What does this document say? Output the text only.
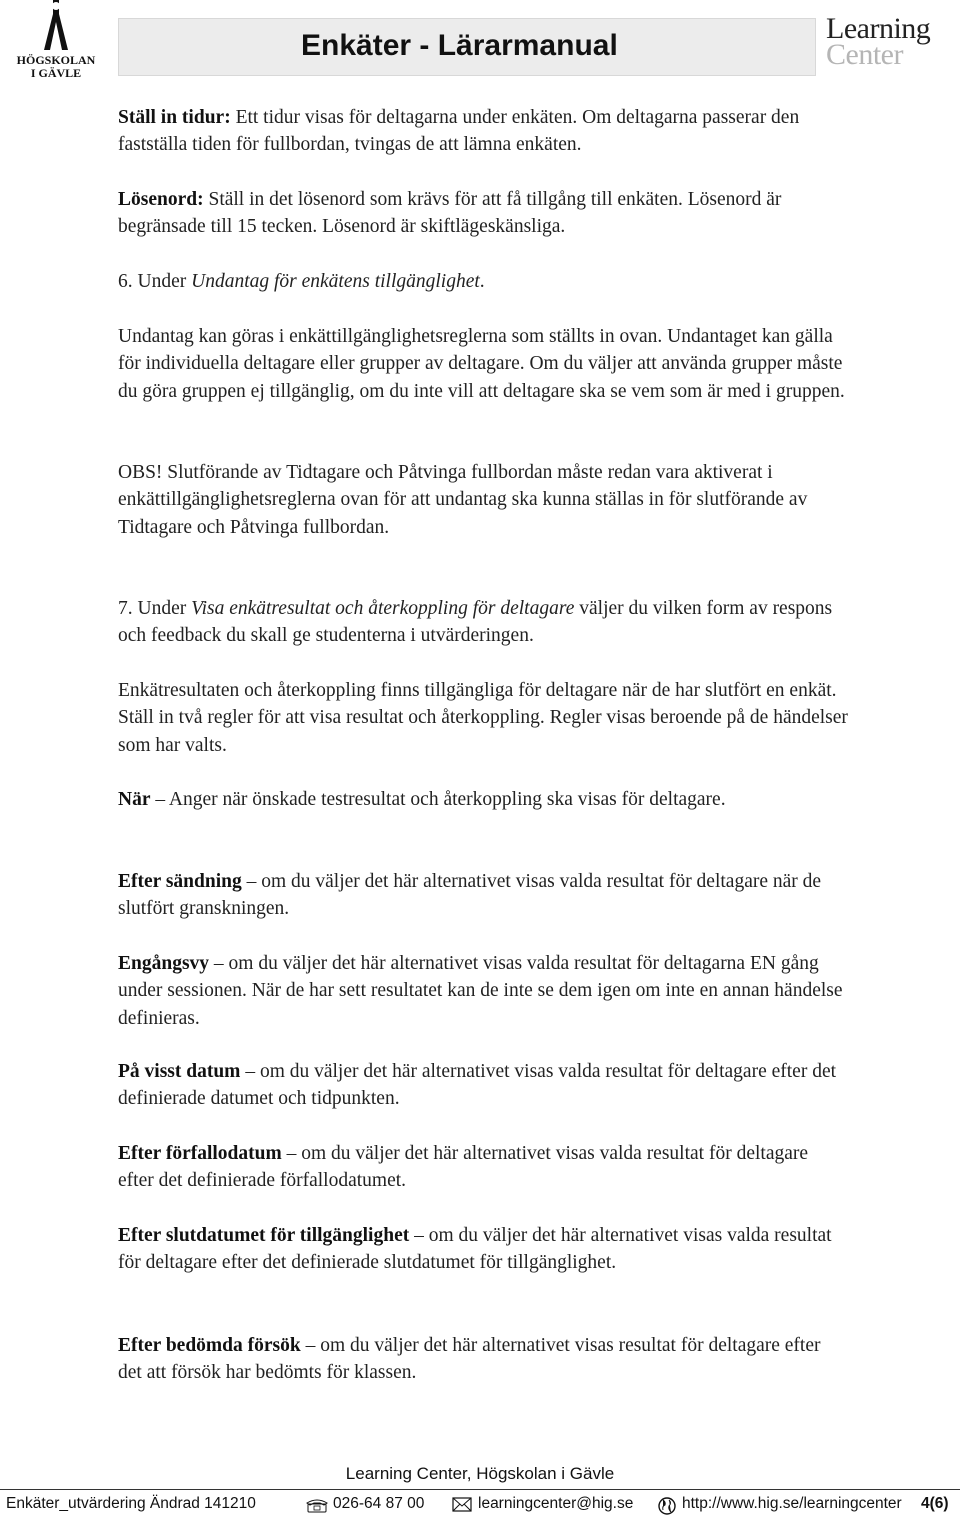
HÖGSKOLAN
I GÄVLE
Enkäter - Lärarmanual
Learning
Center

Ställ in tidur: Ett tidur visas för deltagarna under enkäten. Om deltagarna passerar den fastställa tiden för fullbordan, tvingas de att lämna enkäten.

Lösenord: Ställ in det lösenord som krävs för att få tillgång till enkäten. Lösenord är begränsade till 15 tecken. Lösenord är skiftlägeskänsliga.

6. Under Undantag för enkätens tillgänglighet.

Undantag kan göras i enkättillgänglighetsreglerna som ställts in ovan. Undantaget kan gälla för individuella deltagare eller grupper av deltagare. Om du väljer att använda grupper måste du göra gruppen ej tillgänglig, om du inte vill att deltagare ska se vem som är med i gruppen.

OBS! Slutförande av Tidtagare och Påtvinga fullbordan måste redan vara aktiverat i enkättillgänglighetsreglerna ovan för att undantag ska kunna ställas in för slutförande av Tidtagare och Påtvinga fullbordan.

7. Under Visa enkätresultat och återkoppling för deltagare väljer du vilken form av respons och feedback du skall ge studenterna i utvärderingen.

Enkätresultaten och återkoppling finns tillgängliga för deltagare när de har slutfört en enkät. Ställ in två regler för att visa resultat och återkoppling. Regler visas beroende på de händelser som har valts.

När – Anger när önskade testresultat och återkoppling ska visas för deltagare.

Efter sändning – om du väljer det här alternativet visas valda resultat för deltagare när de slutfört granskningen.

Engångsvy – om du väljer det här alternativet visas valda resultat för deltagarna EN gång under sessionen. När de har sett resultatet kan de inte se dem igen om inte en annan händelse definieras.

På visst datum – om du väljer det här alternativet visas valda resultat för deltagare efter det definierade datumet och tidpunkten.

Efter förfallodatum – om du väljer det här alternativet visas valda resultat för deltagare efter det definierade förfallodatumet.

Efter slutdatumet för tillgänglighet – om du väljer det här alternativet visas valda resultat för deltagare efter det definierade slutdatumet för tillgänglighet.

Efter bedömda försök – om du väljer det här alternativet visas resultat för deltagare efter det att försök har bedömts för klassen.

Learning Center, Högskolan i Gävle
Enkäter_utvärdering Ändrad 141210	026-64 87 00	learningcenter@hig.se	http://www.hig.se/learningcenter 4(6)
